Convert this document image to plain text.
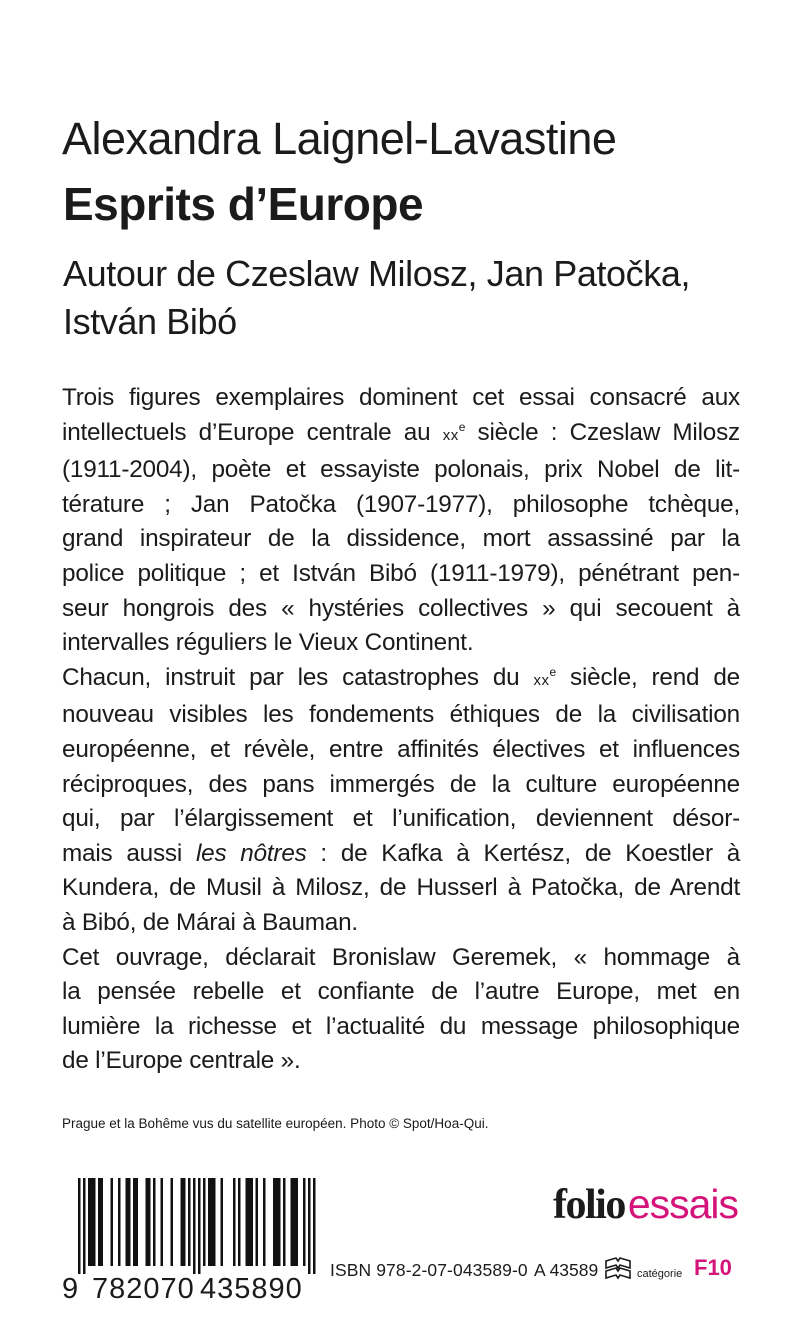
Alexandra Laignel-Lavastine
Esprits d’Europe
Autour de Czeslaw Milosz, Jan Patočka,
István Bibó
Trois figures exemplaires dominent cet essai consacré aux
intellectuels d’Europe centrale au $xx^e$ siècle : Czeslaw Milosz
(1911-2004), poète et essayiste polonais, prix Nobel de lit-
térature ; Jan Patočka (1907-1977), philosophe tchèque,
grand inspirateur de la dissidence, mort assassiné par la
police politique ; et István Bibó (1911-1979), pénétrant pen-
seur hongrois des « hystéries collectives » qui secouent à
intervalles réguliers le Vieux Continent.
Chacun, instruit par les catastrophes du $xx^e$ siècle, rend de
nouveau visibles les fondements éthiques de la civilisation
européenne, et révèle, entre affinités électives et influences
réciproques, des pans immergés de la culture européenne
qui, par l’élargissement et l’unification, deviennent désor-
mais aussi les nôtres : de Kafka à Kertész, de Koestler à
Kundera, de Musil à Milosz, de Husserl à Patočka, de Arendt
à Bibó, de Márai à Bauman.
Cet ouvrage, déclarait Bronislaw Geremek, « hommage à
la pensée rebelle et confiante de l’autre Europe, met en
lumière la richesse et l’actualité du message philosophique
de l’Europe centrale ».
Prague et la Bohême vus du satellite européen. Photo © Spot/Hoa-Qui.
9 782070 435890
folioessais
ISBN 978-2-07-043589-0 A 43589	catégorie F10
